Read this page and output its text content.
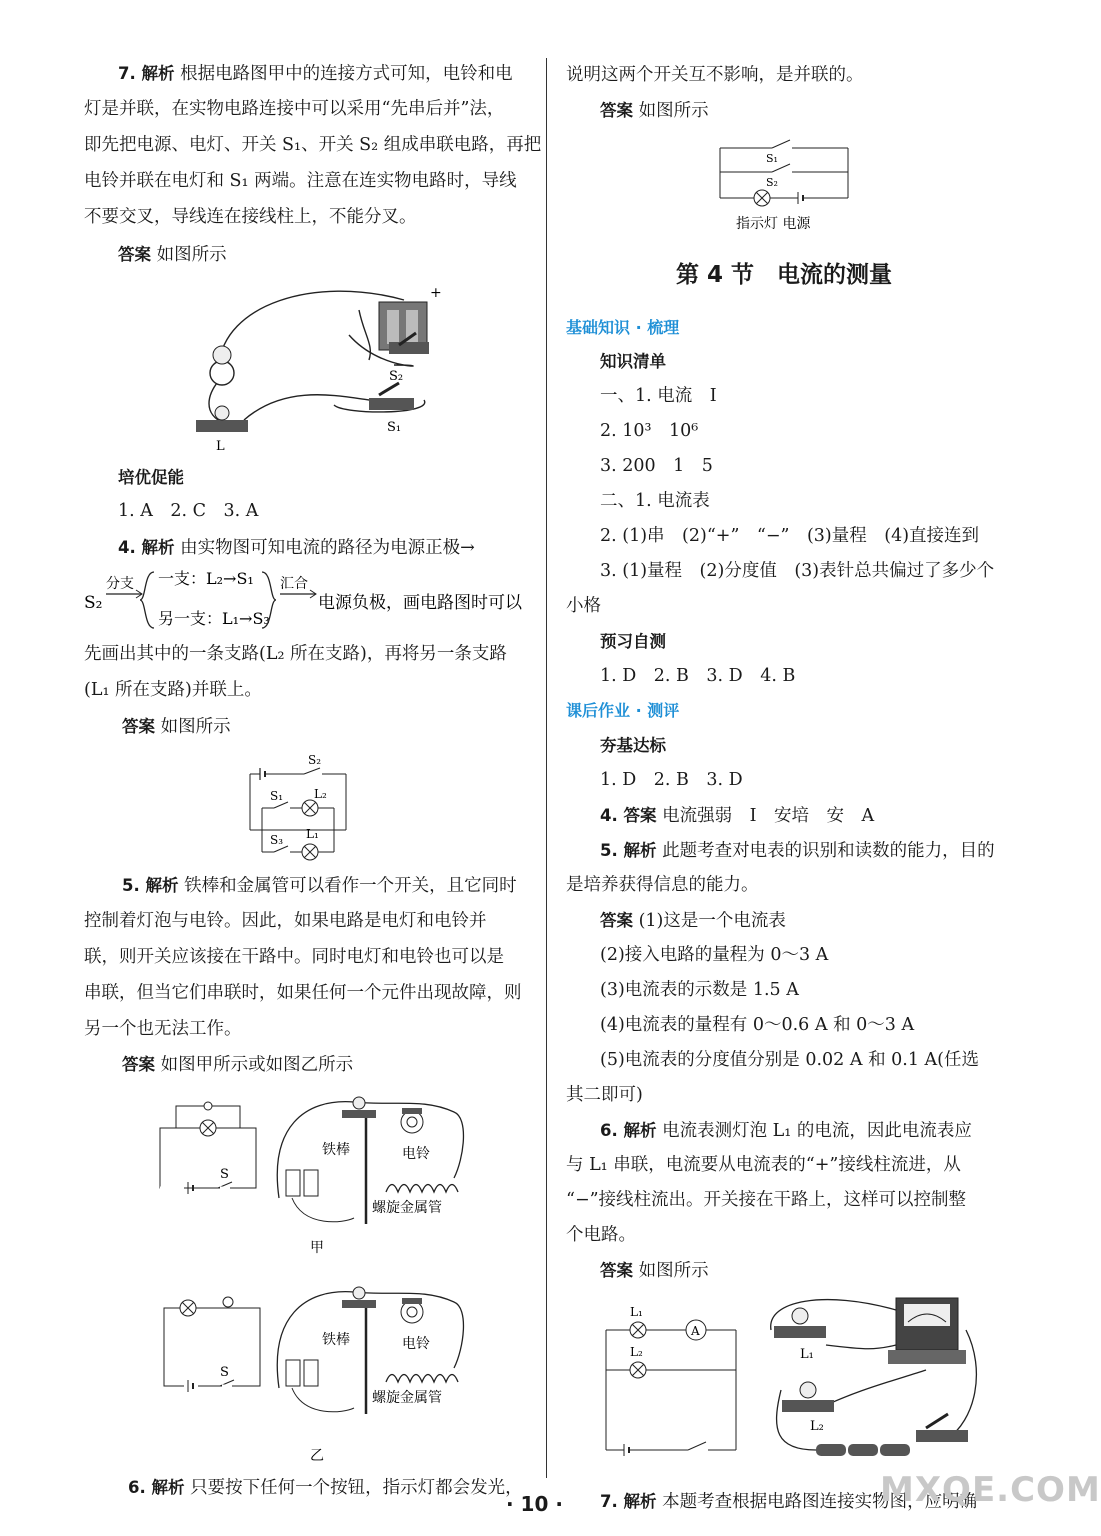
7. 解析 根据电路图甲中的连接方式可知，电铃和电
灯是并联，在实物电路连接中可以采用“先串后并”法，
即先把电源、电灯、开关 S₁、开关 S₂ 组成串联电路，再把
电铃并联在电灯和 S₁ 两端。注意在连实物电路时，导线
不要交叉，导线连在接线柱上，不能分叉。
答案 如图所示
+
S₂
S₁
L
培优促能
1. A　2. C　3. A
4. 解析 由实物图可知电流的路径为电源正极→
S₂
分支 一支：L₂→S₁
另一支：L₁→S₃
汇合
电源负极，画电路图时可以
先画出其中的一条支路(L₂ 所在支路)，再将另一条支路
(L₁ 所在支路)并联上。
答案 如图所示
S₂
S₁	L₂
S₃ L₁
5. 解析 铁棒和金属管可以看作一个开关，且它同时
控制着灯泡与电铃。因此，如果电路是电灯和电铃并
联，则开关应该接在干路中。同时电灯和电铃也可以是
串联，但当它们串联时，如果任何一个元件出现故障，则
另一个也无法工作。
答案 如图甲所示或如图乙所示
S
铁棒	电铃
螺旋金属管
甲
S
铁棒	电铃
螺旋金属管
乙
6. 解析 只要按下任何一个按钮，指示灯都会发光，
说明这两个开关互不影响，是并联的。
答案 如图所示
S₁
S₂
指示灯 电源
第 4 节　电流的测量
基础知识 · 梳理
知识清单
一、1. 电流　I
2. 10³　10⁶
3. 200　1　5
二、1. 电流表
2. (1)串　(2)“+”　“−”　(3)量程　(4)直接连到
3. (1)量程　(2)分度值　(3)表针总共偏过了多少个
小格
预习自测
1. D　2. B　3. D　4. B
课后作业 · 测评
夯基达标
1. D　2. B　3. D
4. 答案 电流强弱　I　安培　安　A
5. 解析 此题考查对电表的识别和读数的能力，目的
是培养获得信息的能力。
答案 (1)这是一个电流表
(2)接入电路的量程为 0～3 A
(3)电流表的示数是 1.5 A
(4)电流表的量程有 0～0.6 A 和 0～3 A
(5)电流表的分度值分别是 0.02 A 和 0.1 A(任选
其二即可)
6. 解析 电流表测灯泡 L₁ 的电流，因此电流表应
与 L₁ 串联，电流要从电流表的“+”接线柱流进，从
“−”接线柱流出。开关接在干路上，这样可以控制整
个电路。
答案 如图所示
A
L₁
L₂	L₁
L₂
7. 解析 本题考查根据电路图连接实物图，应明确
· 10 ·	MXQE.COM
